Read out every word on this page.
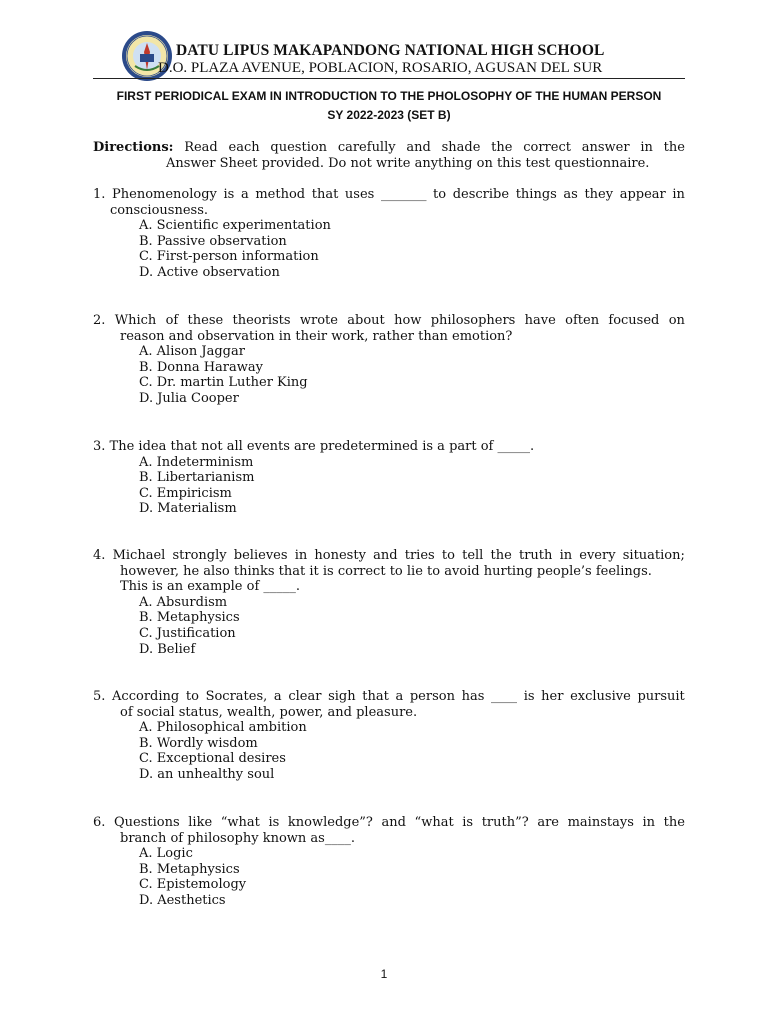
DATU LIPUS MAKAPANDONG NATIONAL HIGH SCHOOL
D.O. PLAZA AVENUE, POBLACION, ROSARIO, AGUSAN DEL SUR
FIRST PERIODICAL EXAM IN INTRODUCTION TO THE PHOLOSOPHY OF THE HUMAN PERSON
SY 2022-2023 (SET B)
Directions: Read each question carefully and shade the correct answer in the
Answer Sheet provided. Do not write anything on this test questionnaire.
1. Phenomenology is a method that uses _______ to describe things as they appear in
consciousness.
A. Scientific experimentation
B. Passive observation
C. First-person information
D. Active observation
2. Which of these theorists wrote about how philosophers have often focused on
reason and observation in their work, rather than emotion?
A. Alison Jaggar
B. Donna Haraway
C. Dr. martin Luther King
D. Julia Cooper
3. The idea that not all events are predetermined is a part of _____.
A. Indeterminism
B. Libertarianism
C. Empiricism
D. Materialism
4. Michael strongly believes in honesty and tries to tell the truth in every situation;
however, he also thinks that it is correct to lie to avoid hurting people’s feelings.
This is an example of _____.
A. Absurdism
B. Metaphysics
C. Justification
D. Belief
5. According to Socrates, a clear sigh that a person has ____ is her exclusive pursuit
of social status, wealth, power, and pleasure.
A. Philosophical ambition
B. Wordly wisdom
C. Exceptional desires
D. an unhealthy soul
6. Questions like “what is knowledge”? and “what is truth”? are mainstays in the
branch of philosophy known as____.
A. Logic
B. Metaphysics
C. Epistemology
D. Aesthetics
1
